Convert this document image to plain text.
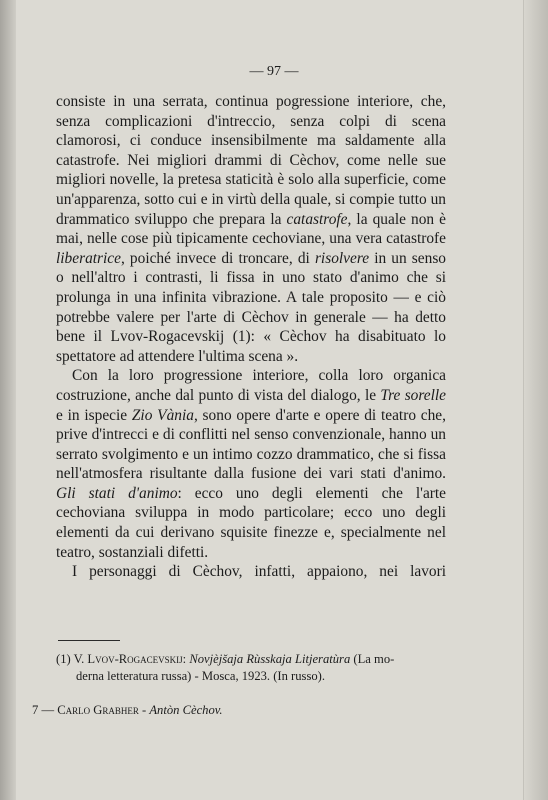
— 97 —

consiste in una serrata, continua pogressione interiore, che, senza complicazioni d'intreccio, senza colpi di scena clamorosi, ci conduce insensibilmente ma saldamente alla catastrofe. Nei migliori drammi di Cèchov, come nelle sue migliori novelle, la pretesa staticità è solo alla superficie, come un'apparenza, sotto cui e in virtù della quale, si compie tutto un drammatico sviluppo che prepara la catastrofe, la quale non è mai, nelle cose più tipicamente cechoviane, una vera catastrofe liberatrice, poiché invece di troncare, di risolvere in un senso o nell'altro i contrasti, li fissa in uno stato d'animo che si prolunga in una infinita vibrazione. A tale proposito — e ciò potrebbe valere per l'arte di Cèchov in generale — ha detto bene il Lvov-Rogacevskij (1): « Cèchov ha disabituato lo spettatore ad attendere l'ultima scena ».

Con la loro progressione interiore, colla loro organica costruzione, anche dal punto di vista del dialogo, le Tre sorelle e in ispecie Zio Vània, sono opere d'arte e opere di teatro che, prive d'intrecci e di conflitti nel senso convenzionale, hanno un serrato svolgimento e un intimo cozzo drammatico, che si fissa nell'atmosfera risultante dalla fusione dei vari stati d'animo. Gli stati d'animo: ecco uno degli elementi che l'arte cechoviana sviluppa in modo particolare; ecco uno degli elementi da cui derivano squisite finezze e, specialmente nel teatro, sostanziali difetti.

I personaggi di Cèchov, infatti, appaiono, nei lavori

(1) V. Lvov-Rogacevskij: Novjèjšaja Rùsskaja Litjeratùra (La mo-
derna letteratura russa) - Mosca, 1923. (In russo).
7 — Carlo Grabher - Antòn Cèchov.
